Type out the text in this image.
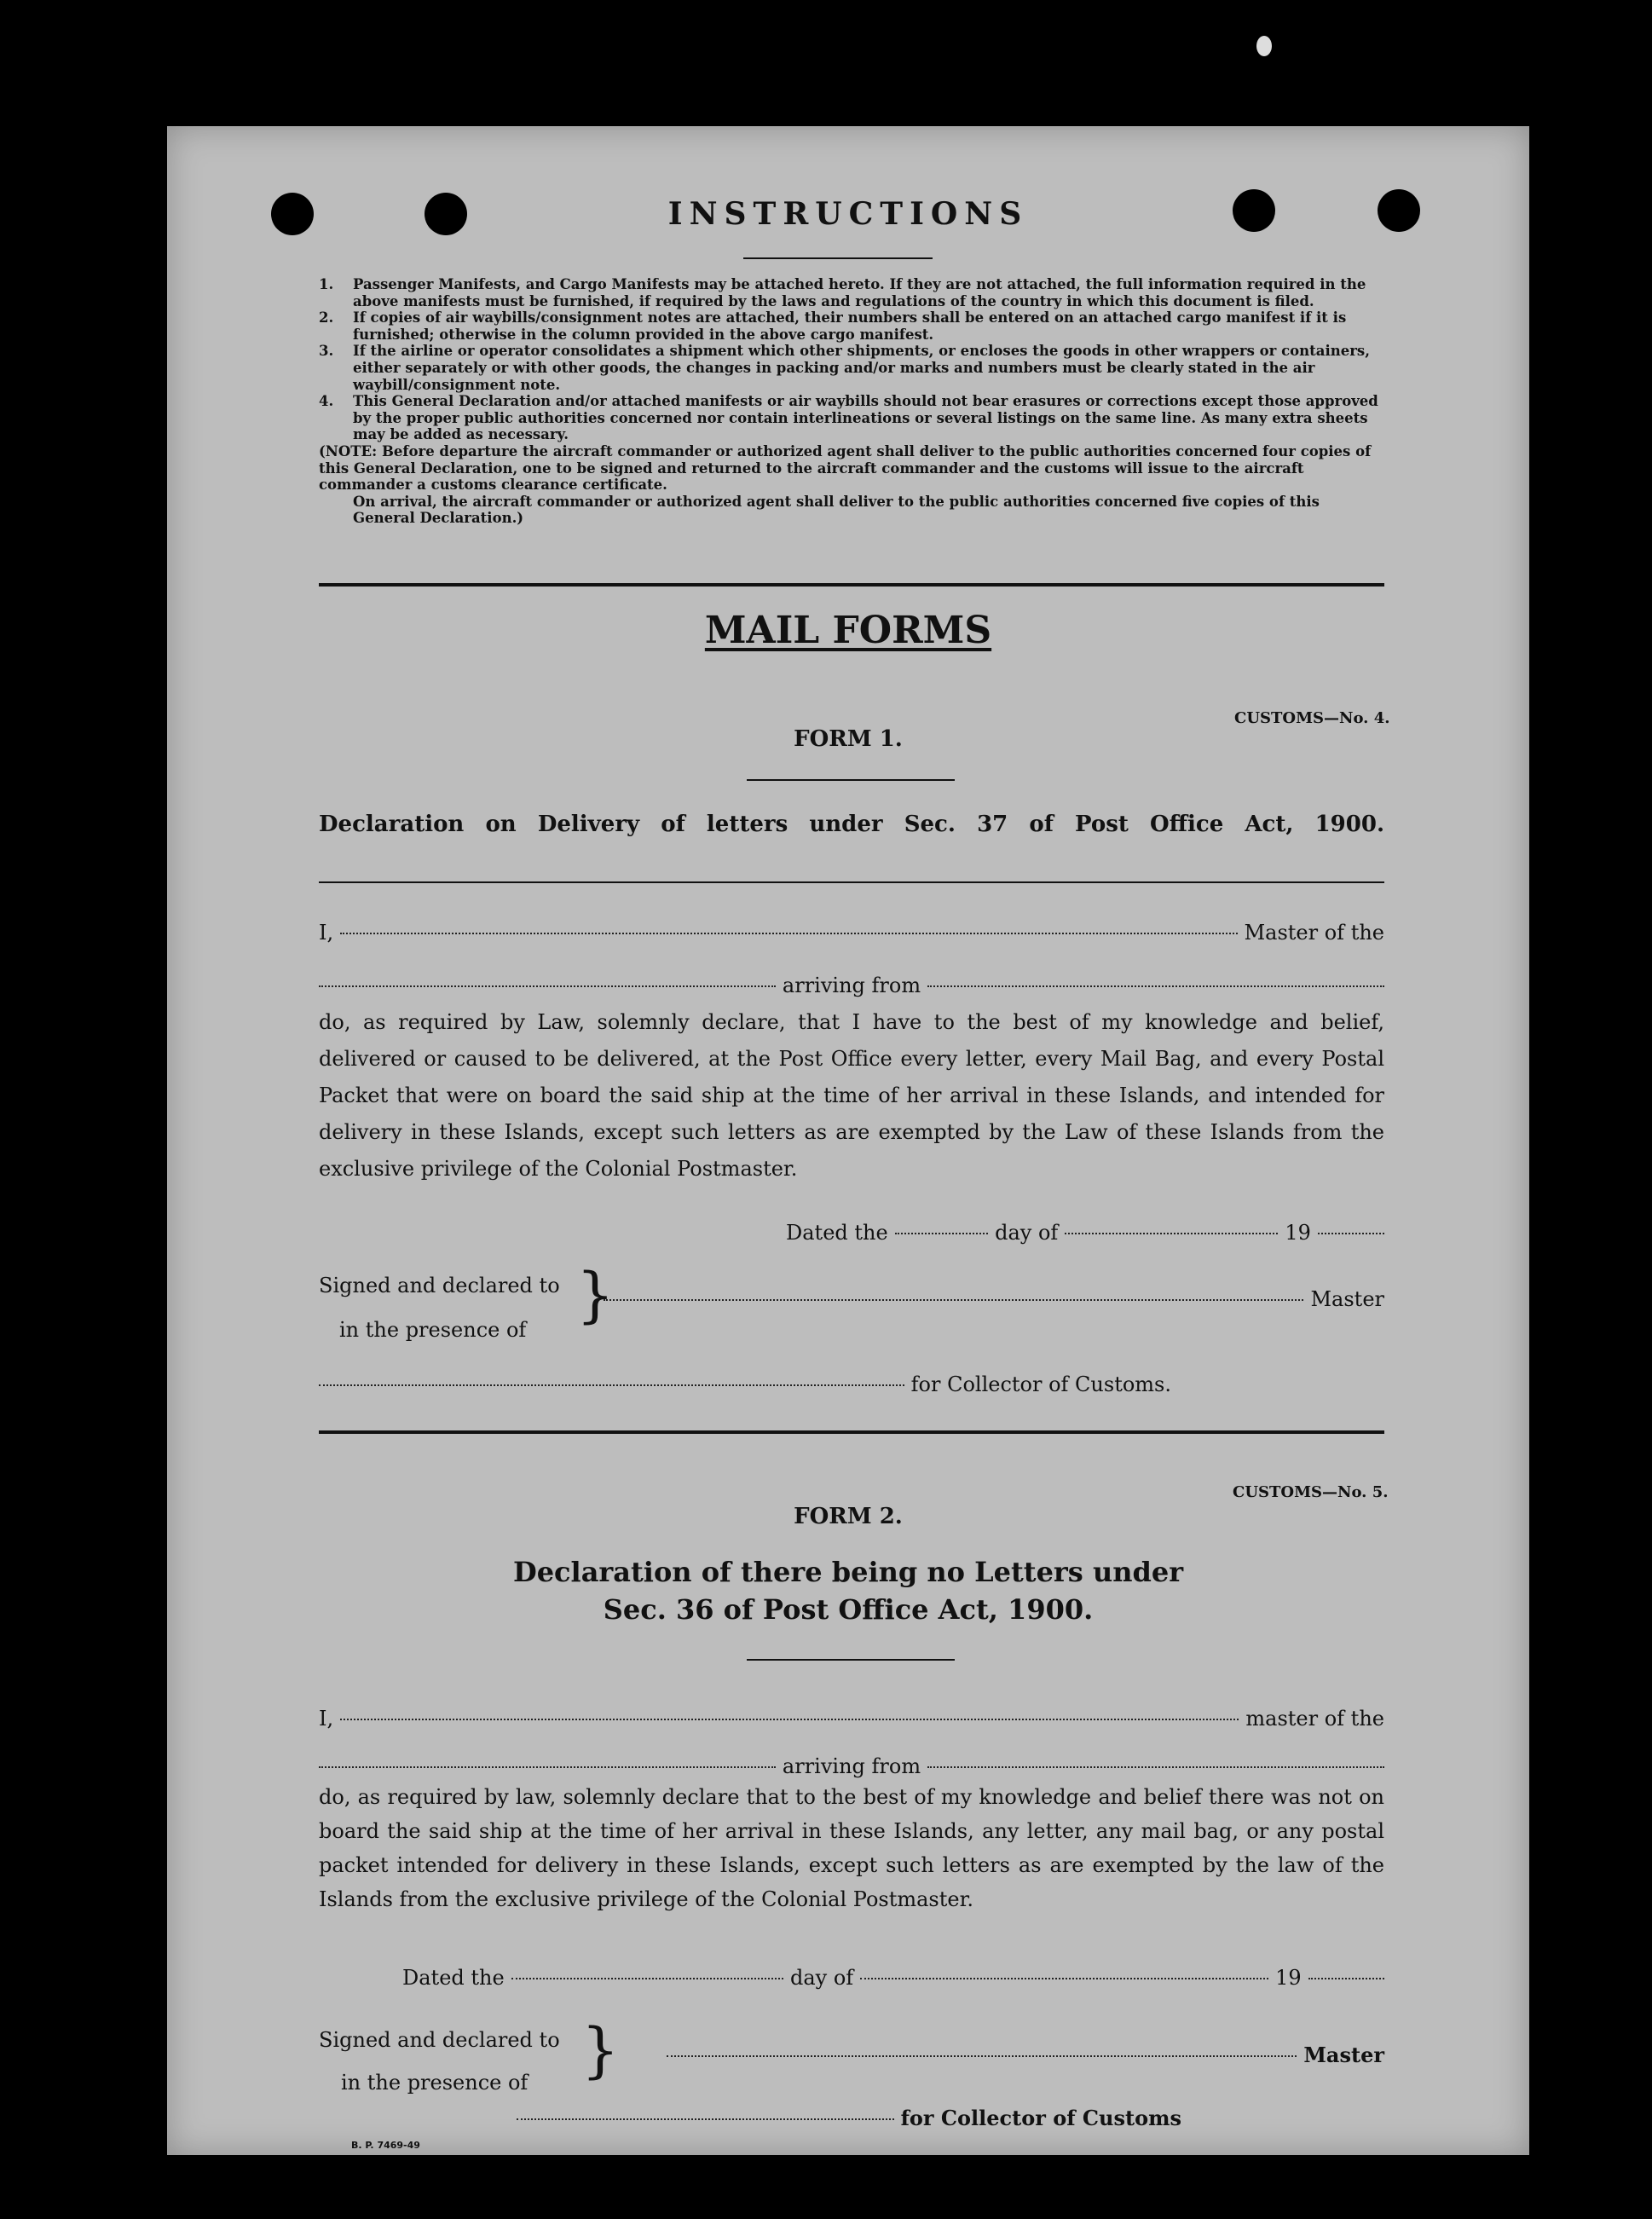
INSTRUCTIONS
1. Passenger Manifests, and Cargo Manifests may be attached hereto. If they are not attached, the full information required in the above manifests must be furnished, if required by the laws and regulations of the country in which this document is filed.
2. If copies of air waybills/consignment notes are attached, their numbers shall be entered on an attached cargo manifest if it is furnished; otherwise in the column provided in the above cargo manifest.
3. If the airline or operator consolidates a shipment which other shipments, or encloses the goods in other wrappers or containers, either separately or with other goods, the changes in packing and/or marks and numbers must be clearly stated in the air waybill/consignment note.
4. This General Declaration and/or attached manifests or air waybills should not bear erasures or corrections except those approved by the proper public authorities concerned nor contain interlineations or several listings on the same line. As many extra sheets may be added as necessary.
(NOTE: Before departure the aircraft commander or authorized agent shall deliver to the public authorities concerned four copies of this General Declaration, one to be signed and returned to the aircraft commander and the customs will issue to the aircraft commander a customs clearance certificate.
On arrival, the aircraft commander or authorized agent shall deliver to the public authorities concerned five copies of this General Declaration.)
MAIL FORMS
CUSTOMS—No. 4.
FORM 1.
Declaration on Delivery of letters under Sec. 37 of Post Office Act, 1900.
I,	Master of the
arriving from
do, as required by Law, solemnly declare, that I have to the best of my knowledge and belief, delivered or caused to be delivered, at the Post Office every letter, every Mail Bag, and every Postal Packet that were on board the said ship at the time of her arrival in these Islands, and intended for delivery in these Islands, except such letters as are exempted by the Law of these Islands from the exclusive privilege of the Colonial Postmaster.
Dated the	day of	19
Signed and declared to
in the presence of }	Master
for Collector of Customs.
CUSTOMS—No. 5.
FORM 2.
Declaration of there being no Letters under
Sec. 36 of Post Office Act, 1900.
I,	master of the
arriving from
do, as required by law, solemnly declare that to the best of my knowledge and belief there was not on board the said ship at the time of her arrival in these Islands, any letter, any mail bag, or any postal packet intended for delivery in these Islands, except such letters as are exempted by the law of the Islands from the exclusive privilege of the Colonial Postmaster.
Dated the	day of	19
Signed and declared to
in the presence of }	Master
for Collector of Customs
B. P. 7469-49
